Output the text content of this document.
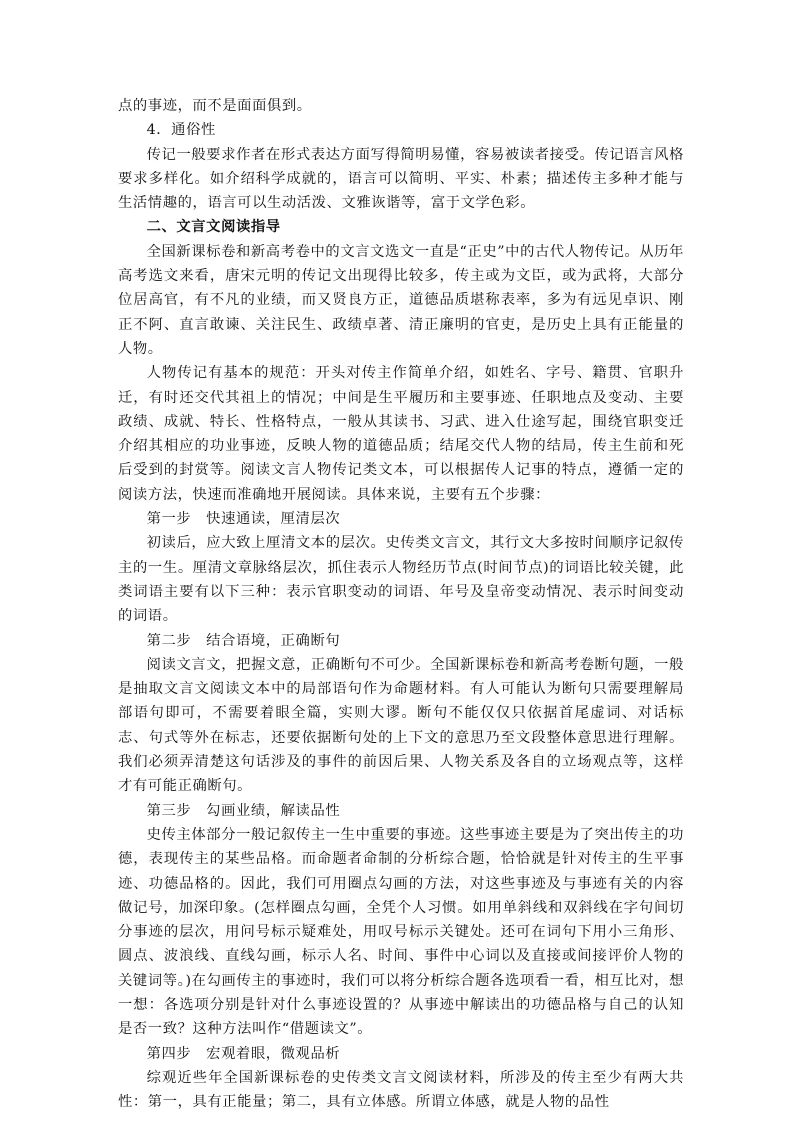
点的事迹，而不是面面俱到。

4．通俗性

传记一般要求作者在形式表达方面写得简明易懂，容易被读者接受。传记语言风格要求多样化。如介绍科学成就的，语言可以简明、平实、朴素；描述传主多种才能与生活情趣的，语言可以生动活泼、文雅诙谐等，富于文学色彩。

二、文言文阅读指导

全国新课标卷和新高考卷中的文言文选文一直是“正史”中的古代人物传记。从历年高考选文来看，唐宋元明的传记文出现得比较多，传主或为文臣，或为武将，大部分位居高官，有不凡的业绩，而又贤良方正，道德品质堪称表率，多为有远见卓识、刚正不阿、直言敢谏、关注民生、政绩卓著、清正廉明的官吏，是历史上具有正能量的人物。

人物传记有基本的规范：开头对传主作简单介绍，如姓名、字号、籍贯、官职升迁，有时还交代其祖上的情况；中间是生平履历和主要事迹、任职地点及变动、主要政绩、成就、特长、性格特点，一般从其读书、习武、进入仕途写起，围绕官职变迁介绍其相应的功业事迹，反映人物的道德品质；结尾交代人物的结局，传主生前和死后受到的封赏等。阅读文言人物传记类文本，可以根据传人记事的特点，遵循一定的阅读方法，快速而准确地开展阅读。具体来说，主要有五个步骤：

第一步　快速通读，厘清层次

初读后，应大致上厘清文本的层次。史传类文言文，其行文大多按时间顺序记叙传主的一生。厘清文章脉络层次，抓住表示人物经历节点(时间节点)的词语比较关键，此类词语主要有以下三种：表示官职变动的词语、年号及皇帝变动情况、表示时间变动的词语。

第二步　结合语境，正确断句

阅读文言文，把握文意，正确断句不可少。全国新课标卷和新高考卷断句题，一般是抽取文言文阅读文本中的局部语句作为命题材料。有人可能认为断句只需要理解局部语句即可，不需要着眼全篇，实则大谬。断句不能仅仅只依据首尾虚词、对话标志、句式等外在标志，还要依据断句处的上下文的意思乃至文段整体意思进行理解。我们必须弄清楚这句话涉及的事件的前因后果、人物关系及各自的立场观点等，这样才有可能正确断句。

第三步　勾画业绩，解读品性

史传主体部分一般记叙传主一生中重要的事迹。这些事迹主要是为了突出传主的功德，表现传主的某些品格。而命题者命制的分析综合题，恰恰就是针对传主的生平事迹、功德品格的。因此，我们可用圈点勾画的方法，对这些事迹及与事迹有关的内容做记号，加深印象。(怎样圈点勾画，全凭个人习惯。如用单斜线和双斜线在字句间切分事迹的层次，用问号标示疑难处，用叹号标示关键处。还可在词句下用小三角形、圆点、波浪线、直线勾画，标示人名、时间、事件中心词以及直接或间接评价人物的关键词等。)在勾画传主的事迹时，我们可以将分析综合题各选项看一看，相互比对，想一想：各选项分别是针对什么事迹设置的？从事迹中解读出的功德品格与自己的认知是否一致？这种方法叫作“借题读文”。

第四步　宏观着眼，微观品析

综观近些年全国新课标卷的史传类文言文阅读材料，所涉及的传主至少有两大共性：第一，具有正能量；第二，具有立体感。所谓立体感，就是人物的品性
